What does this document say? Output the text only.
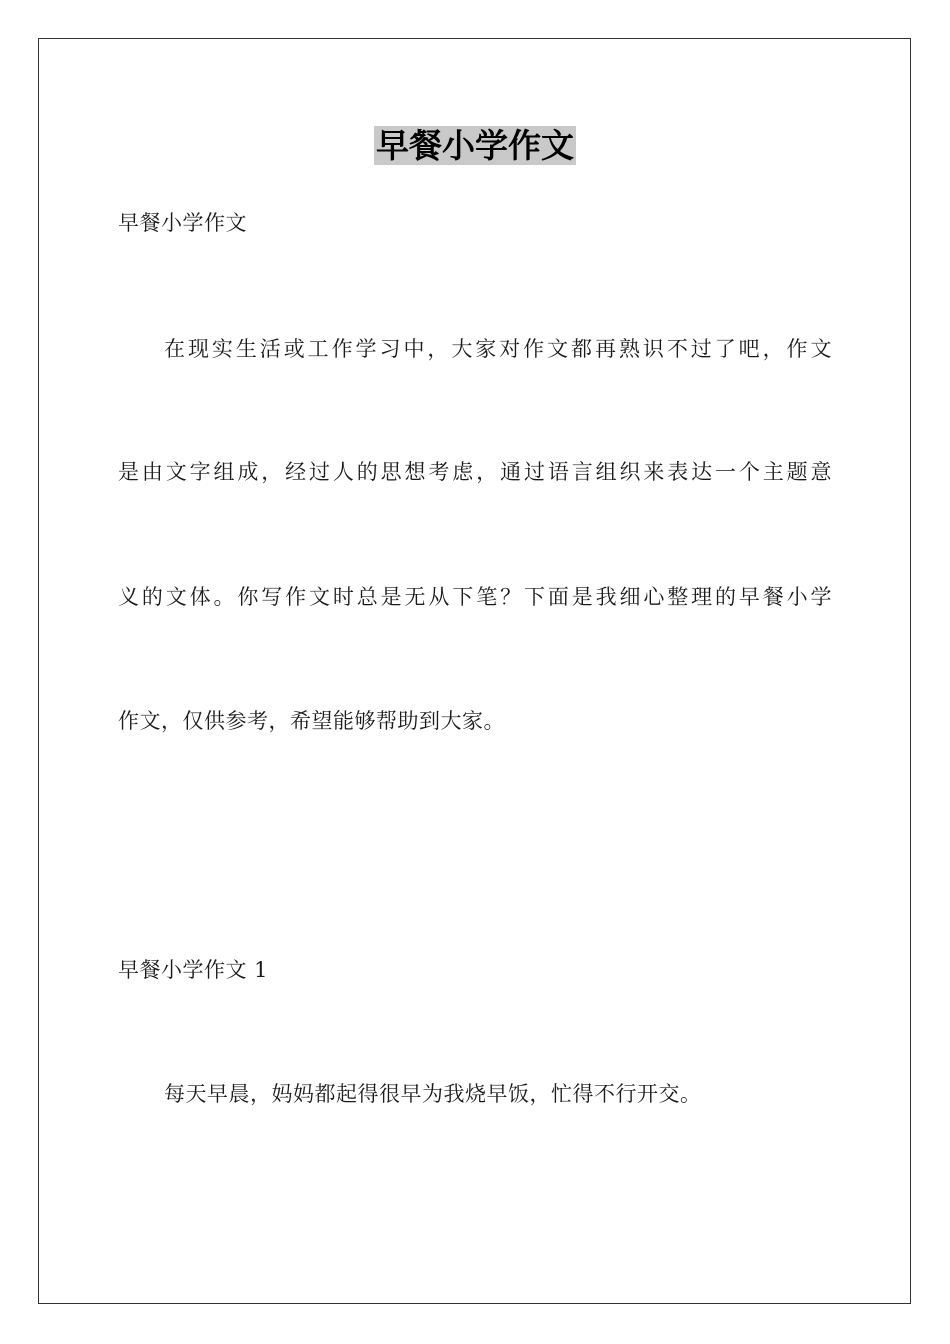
早餐小学作文
早餐小学作文
在现实生活或工作学习中，大家对作文都再熟识不过了吧，作文
是由文字组成，经过人的思想考虑，通过语言组织来表达一个主题意
义的文体。你写作文时总是无从下笔？下面是我细心整理的早餐小学
作文，仅供参考，希望能够帮助到大家。
早餐小学作文 1
每天早晨，妈妈都起得很早为我烧早饭，忙得不行开交。
